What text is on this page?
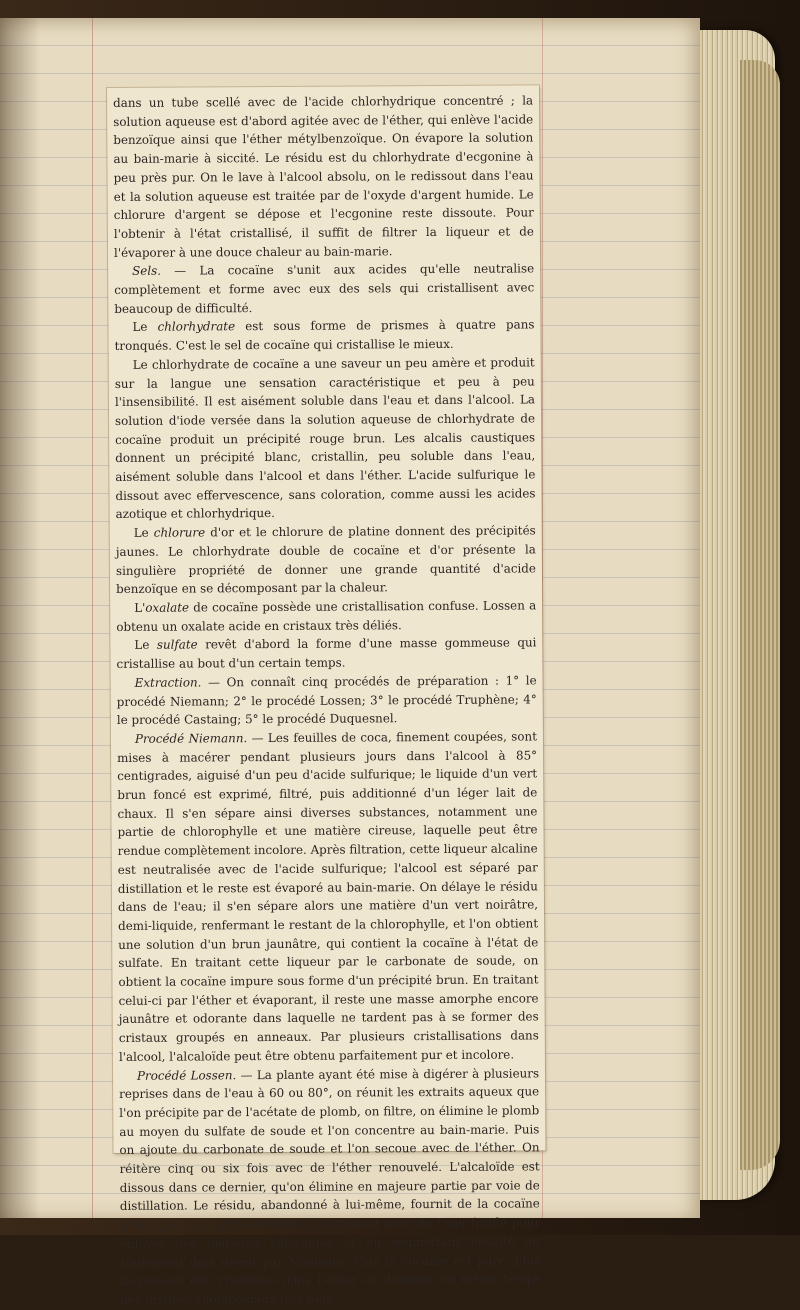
dans un tube scellé avec de l'acide chlorhydrique concentré ; la solution aqueuse est d'abord agitée avec de l'éther, qui enlève l'acide benzoïque ainsi que l'éther métylbenzoïque. On évapore la solution au bain-marie à siccité. Le résidu est du chlorhydrate d'ecgonine à peu près pur. On le lave à l'alcool absolu, on le redissout dans l'eau et la solution aqueuse est traitée par de l'oxyde d'argent humide. Le chlorure d'argent se dépose et l'ecgonine reste dissoute. Pour l'obtenir à l'état cristallisé, il suffit de filtrer la liqueur et de l'évaporer à une douce chaleur au bain-marie.

Sels. — La cocaïne s'unit aux acides qu'elle neutralise complètement et forme avec eux des sels qui cristallisent avec beaucoup de difficulté.

Le chlorhydrate est sous forme de prismes à quatre pans tronqués. C'est le sel de cocaïne qui cristallise le mieux.

Le chlorhydrate de cocaïne a une saveur un peu amère et produit sur la langue une sensation caractéristique et peu à peu l'insensibilité. Il est aisément soluble dans l'eau et dans l'alcool. La solution d'iode versée dans la solution aqueuse de chlorhydrate de cocaïne produit un précipité rouge brun. Les alcalis caustiques donnent un précipité blanc, cristallin, peu soluble dans l'eau, aisément soluble dans l'alcool et dans l'éther. L'acide sulfurique le dissout avec effervescence, sans coloration, comme aussi les acides azotique et chlorhydrique.

Le chlorure d'or et le chlorure de platine donnent des précipités jaunes. Le chlorhydrate double de cocaïne et d'or présente la singulière propriété de donner une grande quantité d'acide benzoïque en se décomposant par la chaleur.

L'oxalate de cocaïne possède une cristallisation confuse. Lossen a obtenu un oxalate acide en cristaux très déliés.

Le sulfate revêt d'abord la forme d'une masse gommeuse qui cristallise au bout d'un certain temps.

Extraction. — On connaît cinq procédés de préparation : 1° le procédé Niemann; 2° le procédé Lossen; 3° le procédé Truphène; 4° le procédé Castaing; 5° le procédé Duquesnel.

Procédé Niemann. — Les feuilles de coca, finement coupées, sont mises à macérer pendant plusieurs jours dans l'alcool à 85° centigrades, aiguisé d'un peu d'acide sulfurique; le liquide d'un vert brun foncé est exprimé, filtré, puis additionné d'un léger lait de chaux. Il s'en sépare ainsi diverses substances, notamment une partie de chlorophylle et une matière cireuse, laquelle peut être rendue complètement incolore. Après filtration, cette liqueur alcaline est neutralisée avec de l'acide sulfurique; l'alcool est séparé par distillation et le reste est évaporé au bain-marie. On délaye le résidu dans de l'eau; il s'en sépare alors une matière d'un vert noirâtre, demi-liquide, renfermant le restant de la chlorophylle, et l'on obtient une solution d'un brun jaunâtre, qui contient la cocaïne à l'état de sulfate. En traitant cette liqueur par le carbonate de soude, on obtient la cocaïne impure sous forme d'un précipité brun. En traitant celui-ci par l'éther et évaporant, il reste une masse amorphe encore jaunâtre et odorante dans laquelle ne tardent pas à se former des cristaux groupés en anneaux. Par plusieurs cristallisations dans l'alcool, l'alcaloïde peut être obtenu parfaitement pur et incolore.

Procédé Lossen. — La plante ayant été mise à digérer à plusieurs reprises dans de l'eau à 60 ou 80°, on réunit les extraits aqueux que l'on précipite par de l'acétate de plomb, on filtre, on élimine le plomb au moyen du sulfate de soude et l'on concentre au bain-marie. Puis on ajoute du carbonate de soude et l'on secoue avec de l'éther. On réitère cinq ou six fois avec de l'éther renouvelé. L'alcaloïde est dissous dans ce dernier, qu'on élimine en majeure partie par voie de distillation. Le résidu, abandonné à lui-même, fournit de la cocaïne brute que l'on purifie d'abord en triturant avec de l'eau froide pour enlever des matières colorantes et en soumettant ensuite au traitement déjà décrit par Niemann. Plus la cocaïne est pure, plus facilement elle cristallise dans l'éther en donnant en même temps des prismes rhomboïdaux très nets.
